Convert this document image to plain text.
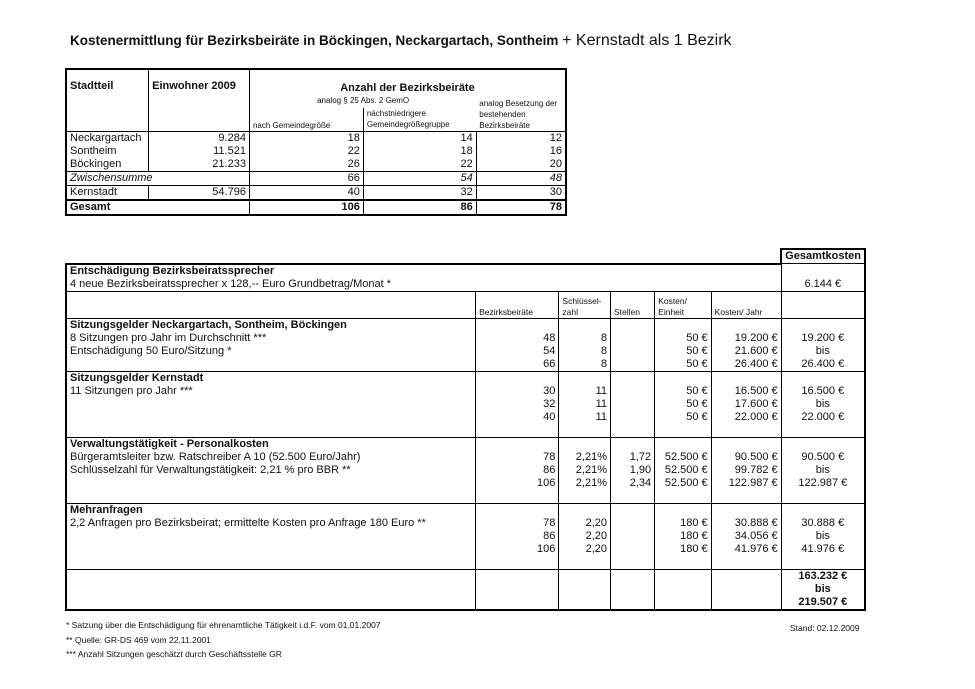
Kostenermittlung für Bezirksbeiräte in Böckingen, Neckargartach, Sontheim + Kernstadt als 1 Bezirk
Stadtteil	Einwohner 2009	Anzahl der Bezirksbeiräte		
		analog § 25 Abs. 2 GemO		analog Besetzung der bestehenden Bezirksbeiräte
		nach Gemeindegröße	nächstniedrigere Gemeindegrößegruppe	
Neckargartach	9.284	18	14	12
Sontheim	11.521	22	18	16
Böckingen	21.233	26	22	20
Zwischensumme		66	54	48
Kernstadt	54.796	40	32	30
Gesamt		106	86	78
						Gesamtkosten
Entschädigung Bezirksbeiratssprecher						
4 neue Bezirksbeiratssprecher x 128,-- Euro Grundbetrag/Monat *						6.144 €
	Bezirksbeiräte	Schlüssel-zahl	Stellen	Kosten/ Einheit	Kosten/ Jahr	
Sitzungsgelder Neckargartach, Sontheim, Böckingen						
8 Sitzungen pro Jahr im Durchschnitt ***	48	8		50 €	19.200 €	19.200 €
Entschädigung 50 Euro/Sitzung *	54	8		50 €	21.600 €	bis
	66	8		50 €	26.400 €	26.400 €
Sitzungsgelder Kernstadt						
11 Sitzungen pro Jahr ***	30	11		50 €	16.500 €	16.500 €
	32	11		50 €	17.600 €	bis
	40	11		50 €	22.000 €	22.000 €

Verwaltungstätigkeit - Personalkosten						
Bürgeramtsleiter bzw. Ratschreiber A 10 (52.500 Euro/Jahr)	78	2,21%	1,72	52.500 €	90.500 €	90.500 €
Schlüsselzahl für Verwaltungstätigkeit: 2,21 % pro BBR **	86	2,21%	1,90	52.500 €	99.782 €	bis
	106	2,21%	2,34	52.500 €	122.987 €	122.987 €

Mehranfragen						
2,2 Anfragen pro Bezirksbeirat; ermittelte Kosten pro Anfrage 180 Euro **	78	2,20		180 €	30.888 €	30.888 €
	86	2,20		180 €	34.056 €	bis
	106	2,20		180 €	41.976 €	41.976 €

						163.232 €
						bis
						219.507 €
* Satzung über die Entschädigung für ehrenamtliche Tätigkeit i.d.F. vom 01.01.2007
** Quelle: GR-DS 469 vom 22.11.2001
*** Anzahl Sitzungen geschätzt durch Geschäftsstelle GR
Stand: 02.12.2009
